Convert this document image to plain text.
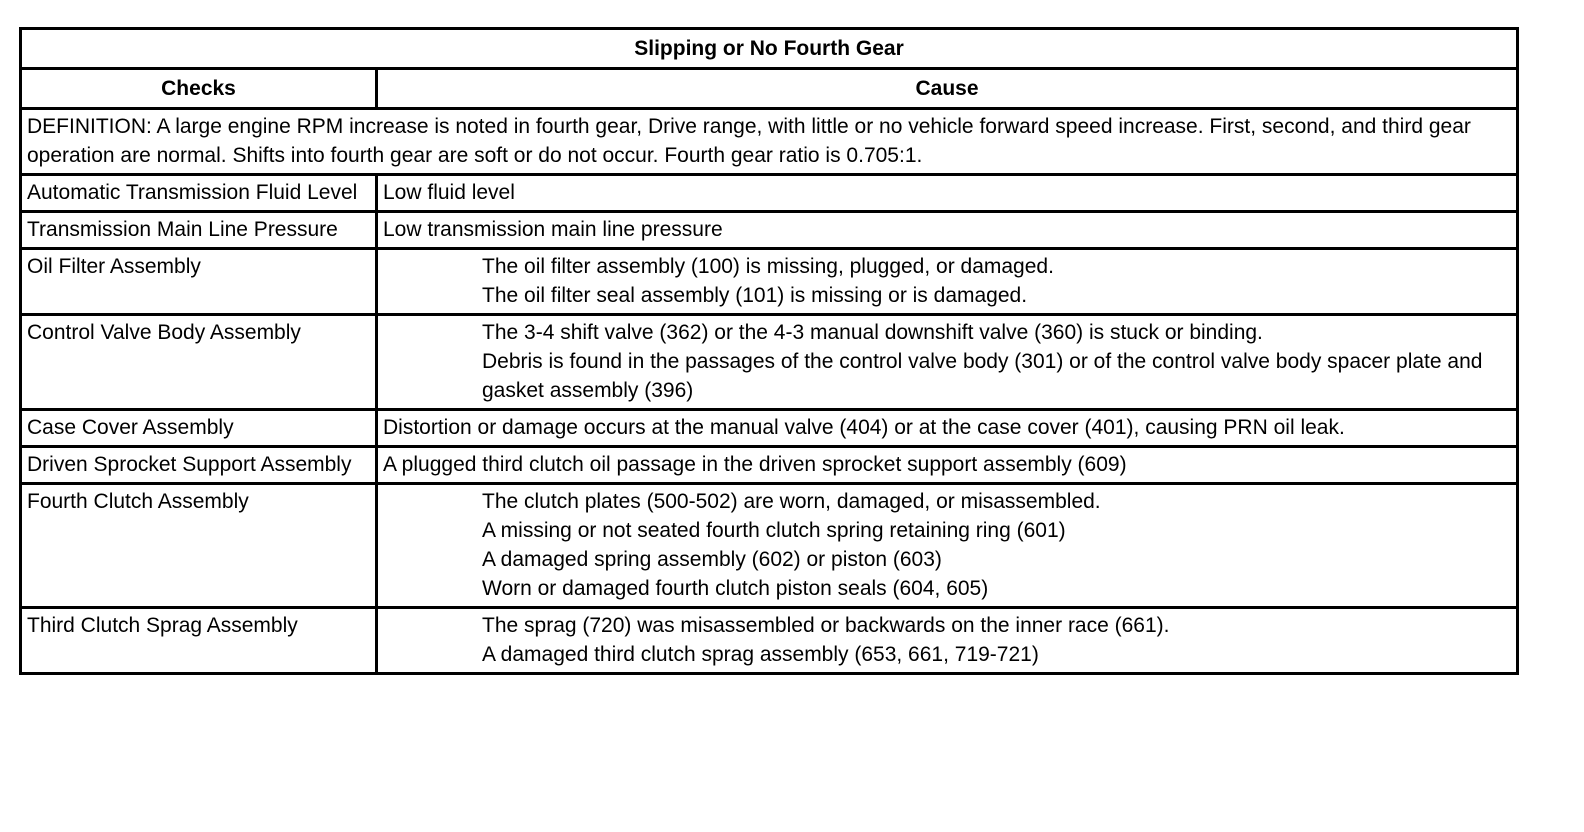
Slipping or No Fourth Gear	
Checks	Cause
DEFINITION: A large engine RPM increase is noted in fourth gear, Drive range, with little or no vehicle forward speed increase. First, second, and third gear operation are normal. Shifts into fourth gear are soft or do not occur. Fourth gear ratio is 0.705:1.	
Automatic Transmission Fluid Level	Low fluid level

Transmission Main Line Pressure	Low transmission main line pressure

Oil Filter Assembly	The oil filter assembly (100) is missing, plugged, or damaged.
The oil filter seal assembly (101) is missing or is damaged.

Control Valve Body Assembly	The 3-4 shift valve (362) or the 4-3 manual downshift valve (360) is stuck or binding.
Debris is found in the passages of the control valve body (301) or of the control valve body spacer plate and gasket assembly (396)

Case Cover Assembly	Distortion or damage occurs at the manual valve (404) or at the case cover (401), causing PRN oil leak.

Driven Sprocket Support Assembly	A plugged third clutch oil passage in the driven sprocket support assembly (609)

Fourth Clutch Assembly	The clutch plates (500-502) are worn, damaged, or misassembled.
A missing or not seated fourth clutch spring retaining ring (601)
A damaged spring assembly (602) or piston (603)
Worn or damaged fourth clutch piston seals (604, 605)

Third Clutch Sprag Assembly	The sprag (720) was misassembled or backwards on the inner race (661).
A damaged third clutch sprag assembly (653, 661, 719-721)
